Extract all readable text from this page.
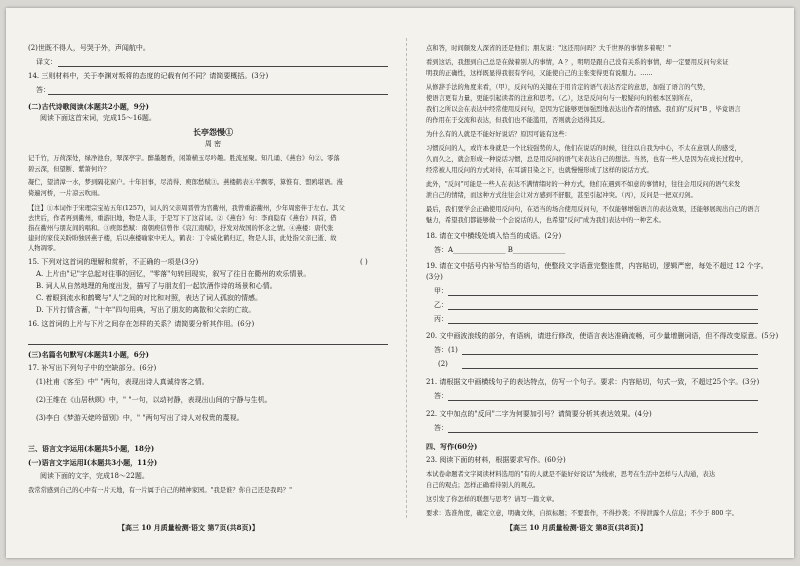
(2)世既不得人，号哭于外，声闻航中。
译文：
14. 三则材料中，关于李渊对叛将的态度的记载有何不同？请简要概括。(3分)
答：
(二)古代诗歌阅读(本题共2小题，9分)
阅读下面这首宋词，完成15～16题。
长亭怨慢①
周 密
记千竹，万荷深处，绿净池台，翠深亭宇。醉墨题香，闲箫横玉尽吟趣。胜流星聚。知几诵、《燕台》句②。零落
碧云深，但望断、紫箫何许？
凝伫，望清漳一水，梦到隔花窗户。十年旧事，尽消得、庾郎愁赋③。燕楼鹤表④半飘零，算惟有、盟鸥堪语。漫
倚遍河桥，一片凉云吹雨。
【注】①本词作于宋理宗宝祐五年(1257)，词人的父亲周晋曾为官衢州，我曾重游衢州，少年周密伴于左右。其父
去世后，作者再到衢州，重游旧地，物是人非，于是写下了这首词。②《燕台》句：李商隐有《燕台》四首，借
指在衢州与朋友间的唱和。③庾郎愁赋：南朝庾信曾作《哀江南赋》，抒发对故国的怀念之情。④燕楼：唐代张
建封的家伎关盼盼独居燕子楼，后以燕楼喻家中无人，鹤表：丁令威化鹤归辽，物是人非，此处指父亲已逝、故
人物凋零。
15. 下列对这首词的理解和赏析，不正确的一项是(3分)	( )
A. 上片由"记"字总起对往事的回忆，"零落"句转回现实，叙写了往日在衢州的欢乐情景。
B. 词人从自然地理的角度出发，描写了与朋友们一起饮酒作诗的场景和心情。
C. 着眼到流水和鹤鹭与"人"之间的对比和对照，表达了词人孤寂的情感。
D. 下片打情含蓄，"十年"四句用典，写出了朋友的离散和父亲的亡故。
16. 这首词的上片与下片之间存在怎样的关系？请简要分析其作用。(6分)
(三)名篇名句默写(本题共1小题，6分)
17. 补写出下列句子中的空缺部分。(6分)
(1)杜甫《客至》中" "两句，表现出诗人真诚待客之情。
(2)王维在《山居秋暝》中，" "一句，以动衬静，表现出山间的宁静与生机。
(3)李白《梦游天姥吟留别》中，" "两句写出了诗人对权贵的蔑视。
三、语言文字运用(本题共5小题，18分)
(一)语言文字运用Ⅰ(本题共3小题，11分)
阅读下面的文字，完成18～22题。
我常常感到自己的心中有一片天地，有一片属于自己的精神家园。"我是谁？你自己还是我吗？"
点和答，时间颇发人深省的还是他们；朋友说："这还用问吗？大千世界的事情多着呢！"
看到这话，我想到自己总是在做着别人的事情，A ？，明明是跟自己没有关系的事情，却一定要用反问句来证
明我的正确性，这样既显得我很有学问，又能使自己的主张变得更有说服力。……
从修辞手法的角度来看，（甲），反问句的关键在于用肯定的语气表达否定的意思，加强了语言的气势，
使语言更有力量，更能引起读者的注意和思考。（乙），这是反问句与一般疑问句的根本区别所在，
我们之所以会在表达中经常使用反问句，是因为它能够更加强烈地表达出作者的情感。我们的"反问"B ，毕竟语言
的作用在于交流和表达，但我们也不能滥用，否则就会适得其反。
为什么有的人就是不能好好说话？原因可能有这些：
习惯反问的人，或许本身就是一个比较强势的人，他们在说话的时候，往往以自我为中心，不太在意别人的感受，
久而久之，就会形成一种说话习惯，总是用反问的语气来表达自己的想法。当然，也有一些人是因为在成长过程中，
经常被人用反问的方式对待，在耳濡目染之下，也就慢慢形成了这样的说话方式。
此外，"反问"可能是一些人在表达不满情绪时的一种方式，他们在遇到不如意的事情时，往往会用反问的语气来发
泄自己的情绪，而这种方式往往会让对方感到不舒服，甚至引起冲突。（丙），反问是一把双刃剑。
最后，我们要学会正确使用反问句，在适当的场合使用反问句，不仅能够增强语言的表达效果，还能够展现出自己的语言
魅力，希望我们都能够做一个会说话的人，也希望"反问"成为我们表达中的一种艺术。
18. 请在文中横线处填入恰当的成语。(2分)
答：A_______________ B_______________
19. 请在文中括号内补写恰当的语句，使整段文字语意完整连贯，内容贴切，逻辑严密，每处不超过 12 个字。
(3分)
甲：
乙：
丙：
20. 文中画波浪线的部分，有语病，请进行修改，使语言表达准确流畅，可少量增删词语，但不得改变原意。(5分)
答：(1)
(2)
21. 请根据文中画横线句子的表达特点，仿写一个句子。要求：内容贴切，句式一致，不超过25个字。(3分)
答：
22. 文中加点的"反问"二字为何要加引号？请简要分析其表达效果。(4分)
答：
四、写作(60分)
23. 阅读下面的材料，根据要求写作。(60分)
本试卷命题者文字阅读材料选用的"有的人就是不能好好说话"为线索，思考在生活中怎样与人沟通，表达
自己的观点；怎样正确看待别人的观点。
这引发了你怎样的联想与思考？请写一篇文章。
要求：选准角度，确定立意，明确文体，自拟标题；不要套作，不得抄袭；不得泄露个人信息；不少于 800 字。
【高三 10 月质量检测·语文 第7页(共8页)】	【高三 10 月质量检测·语文 第8页(共8页)】
